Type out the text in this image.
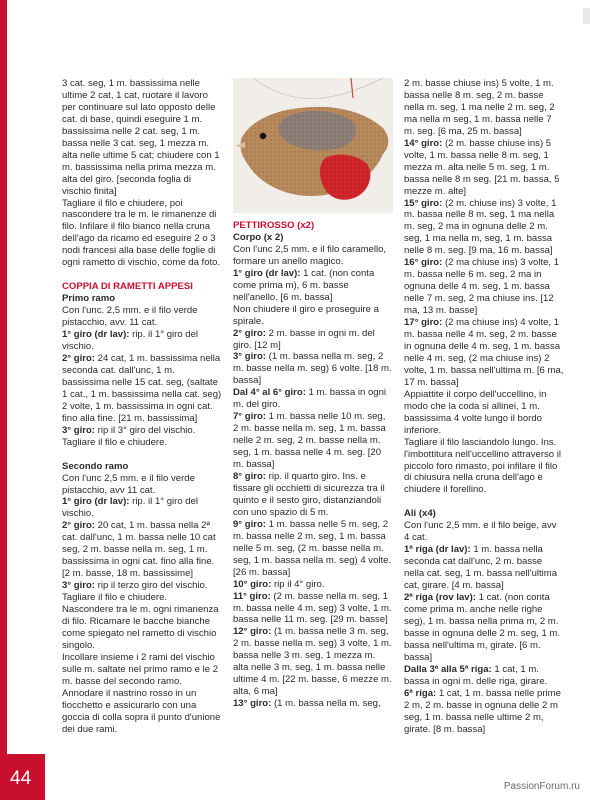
3 cat. seg, 1 m. bassissima nelle ultime 2 cat, 1 cat, ruotare il lavoro per continuare sul lato opposto delle cat. di base, quindi eseguire 1 m. bassissima nelle 2 cat. seg, 1 m. bassa nelle 3 cat. seg, 1 mezza m. alta nelle ultime 5 cat; chiudere con 1 m. bassissima nella prima mezza m. alta del giro. [seconda foglia di vischio finita]

Tagliare il filo e chiudere, poi nascondere tra le m. le rimanenze di filo. Infilare il filo bianco nella cruna dell'ago da ricamo ed eseguire 2 o 3 nodi francesi alla base delle foglie di ogni rametto di vischio, come da foto.

COPPIA DI RAMETTI APPESI

Primo ramo

Con l'unc. 2,5 mm. e il filo verde pistacchio, avv. 11 cat.

1° giro (dr lav): rip. il 1° giro del vischio.

2° giro: 24 cat, 1 m. bassissima nella seconda cat. dall'unc, 1 m. bassissima nelle 15 cat. seg, (saltate 1 cat., 1 m. bassissima nella cat. seg) 2 volte, 1 m. bassissima in ogni cat. fino alla fine. [21 m. bassissima]

3° giro: rip il 3° giro del vischio.

Tagliare il filo e chiudere.

Secondo ramo

Con l'unc 2,5 mm. e il filo verde pistacchio, avv 11 cat.

1° giro (dr lav): rip. il 1° giro del vischio.

2° giro: 20 cat, 1 m. bassa nella 2ª cat. dall'unc, 1 m. bassa nelle 10 cat seg, 2 m. basse nella m. seg, 1 m. bassissima in ogni cat. fino alla fine. [2 m. basse, 18 m. bassissime]

3° giro: rip il terzo giro del vischio.

Tagliare il filo e chiudere.

Nascondere tra le m. ogni rimanenza di filo. Ricamare le bacche bianche come spiegato nel rametto di vischio singolo.

Incollare insieme i 2 rami del vischio sulle m. saltate nel primo ramo e le 2 m. basse del secondo ramo. Annodare il nastrino rosso in un fiocchetto e assicurarlo con una goccia di colla sopra il punto d'unione dei due rami.

PETTIROSSO (x2)

Corpo (x 2)

Con l'unc 2,5 mm. e il filo caramello, formare un anello magico.

1° giro (dr lav): 1 cat. (non conta come prima m), 6 m. basse nell'anello. [6 m. bassa]

Non chiudere il giro e proseguire a spirale.

2° giro: 2 m. basse in ogni m. del giro. [12 m]

3° giro: (1 m. bassa nella m. seg, 2 m. basse nella m. seg) 6 volte. [18 m. bassa]

Dal 4° al 6° giro: 1 m. bassa in ogni m. del giro.

7° giro: 1 m. bassa nelle 10 m. seg, 2 m. basse nella m. seg, 1 m. bassa nelle 2 m. seg, 2 m. basse nella m. seg, 1 m. bassa nelle 4 m. seg. [20 m. bassa]

8° giro: rip. il quarto giro. Ins. e fissare gli occhietti di sicurezza tra il quinto e il sesto giro, distanziandoli con uno spazio di 5 m.

9° giro: 1 m. bassa nelle 5 m. seg, 2 m. bassa nelle 2 m. seg, 1 m. bassa nelle 5 m. seg, (2 m. basse nella m. seg, 1 m. bassa nella m. seg) 4 volte. [26 m. bassa]

10° giro: rip il 4° giro.

11° giro: (2 m. basse nella m. seg, 1 m. bassa nelle 4 m. seg) 3 volte, 1 m. bassa nelle 11 m. seg. [29 m. basse]

12° giro: (1 m. bassa nelle 3 m. seg, 2 m. basse nella m. seg) 3 volte, 1 m. bassa nelle 3 m. seg, 1 mezza m. alta nelle 3 m. seg, 1 m. bassa nelle ultime 4 m. [22 m. basse, 6 mezze m. alta, 6 ma]

13° giro: (1 m. bassa nella m. seg,

2 m. basse chiuse ins) 5 volte, 1 m. bassa nelle 8 m. seg, 2 m. basse nella m. seg, 1 ma nelle 2 m. seg, 2 ma nella m seg, 1 m. bassa nelle 7 m. seg. [6 ma, 25 m. bassa]

14° giro: (2 m. basse chiuse ins) 5 volte, 1 m. bassa nelle 8 m. seg, 1 mezza m. alta nelle 5 m. seg, 1 m. bassa nelle 8 m seg. [21 m. bassa, 5 mezze m. alte]

15° giro: (2 m. chiuse ins) 3 volte, 1 m. bassa nelle 8 m. seg, 1 ma nella m. seg, 2 ma in ognuna delle 2 m. seg, 1 ma nella m, seg, 1 m. bassa nelle 8 m. seg. [9 ma, 16 m. bassa]

16° giro: (2 ma chiuse ins) 3 volte, 1 m. bassa nelle 6 m. seg, 2 ma in ognuna delle 4 m. seg, 1 m. bassa nelle 7 m. seg, 2 ma chiuse ins. [12 ma, 13 m. basse]

17° giro: (2 ma chiuse ins) 4 volte, 1 m. bassa nelle 4 m. seg, 2 m. basse in ognuna delle 4 m. seg, 1 m. bassa nelle 4 m. seg, (2 ma chiuse ins) 2 volte, 1 m. bassa nell'ultima m. [6 ma, 17 m. bassa]

Appiattite il corpo dell'uccellino, in modo che la coda si allinei, 1 m. bassissima 4 volte lungo il bordo inferiore.

Tagliare il filo lasciandolo lungo. Ins. l'imbottitura nell'uccellino attraverso il piccolo foro rimasto, poi infilare il filo di chiusura nella cruna dell'ago e chiudere il forellino.

Ali (x4)

Con l'unc 2,5 mm. e il filo beige, avv 4 cat.

1ª riga (dr lav): 1 m. bassa nella seconda cat dall'unc, 2 m. basse nella cat. seg, 1 m. bassa nell'ultima cat, girare. [4 m. bassa]

2ª riga (rov lav): 1 cat. (non conta come prima m. anche nelle righe seg), 1 m. bassa nella prima m, 2 m. basse in ognuna delle 2 m. seg, 1 m. bassa nell'ultima m, girate. [6 m. bassa]

Dalla 3ª alla 5ª riga: 1 cat, 1 m. bassa in ogni m. delle riga, girare.

6ª riga: 1 cat, 1 m. bassa nelle prime 2 m, 2 m. basse in ognuna delle 2 m seg, 1 m. bassa nelle ultime 2 m, girate. [8 m. bassa]

44	PassionForum.ru
